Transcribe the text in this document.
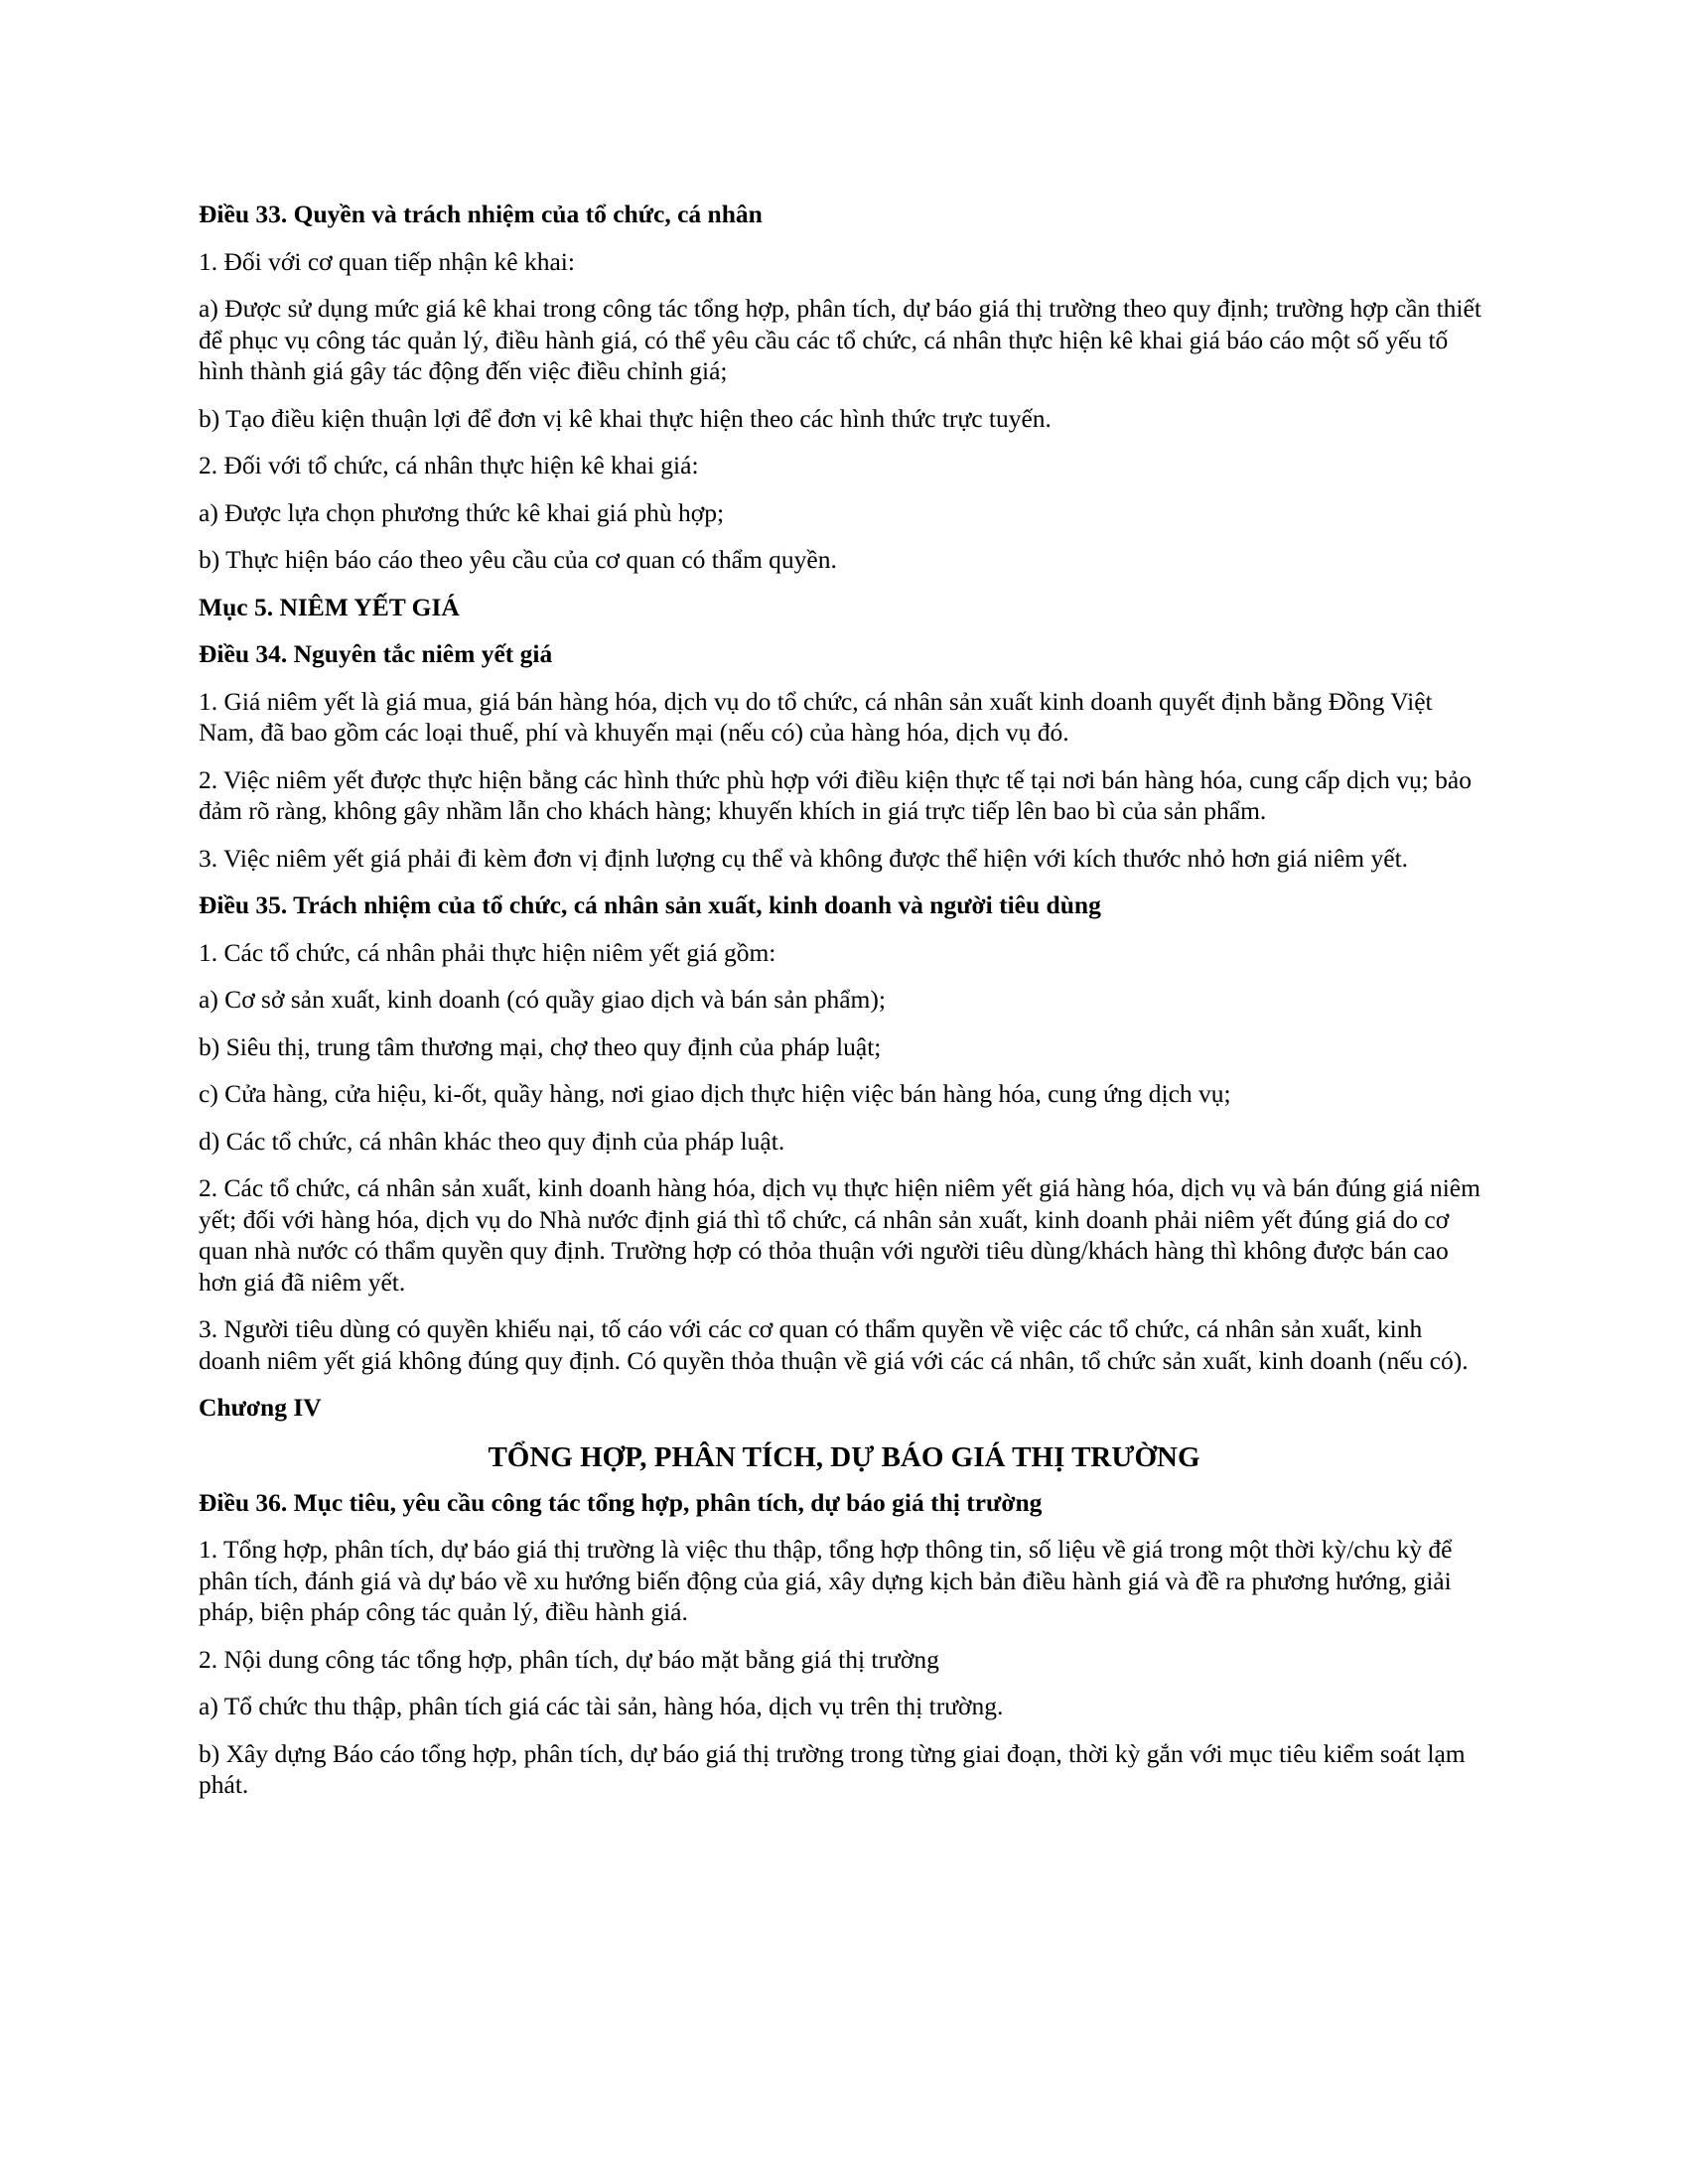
Điều 33. Quyền và trách nhiệm của tổ chức, cá nhân

1. Đối với cơ quan tiếp nhận kê khai:

a) Được sử dụng mức giá kê khai trong công tác tổng hợp, phân tích, dự báo giá thị trường theo quy định; trường hợp cần thiết để phục vụ công tác quản lý, điều hành giá, có thể yêu cầu các tổ chức, cá nhân thực hiện kê khai giá báo cáo một số yếu tố hình thành giá gây tác động đến việc điều chỉnh giá;

b) Tạo điều kiện thuận lợi để đơn vị kê khai thực hiện theo các hình thức trực tuyến.

2. Đối với tổ chức, cá nhân thực hiện kê khai giá:

a) Được lựa chọn phương thức kê khai giá phù hợp;

b) Thực hiện báo cáo theo yêu cầu của cơ quan có thẩm quyền.

Mục 5. NIÊM YẾT GIÁ

Điều 34. Nguyên tắc niêm yết giá

1. Giá niêm yết là giá mua, giá bán hàng hóa, dịch vụ do tổ chức, cá nhân sản xuất kinh doanh quyết định bằng Đồng Việt Nam, đã bao gồm các loại thuế, phí và khuyến mại (nếu có) của hàng hóa, dịch vụ đó.

2. Việc niêm yết được thực hiện bằng các hình thức phù hợp với điều kiện thực tế tại nơi bán hàng hóa, cung cấp dịch vụ; bảo đảm rõ ràng, không gây nhầm lẫn cho khách hàng; khuyến khích in giá trực tiếp lên bao bì của sản phẩm.

3. Việc niêm yết giá phải đi kèm đơn vị định lượng cụ thể và không được thể hiện với kích thước nhỏ hơn giá niêm yết.

Điều 35. Trách nhiệm của tổ chức, cá nhân sản xuất, kinh doanh và người tiêu dùng

1. Các tổ chức, cá nhân phải thực hiện niêm yết giá gồm:

a) Cơ sở sản xuất, kinh doanh (có quầy giao dịch và bán sản phẩm);

b) Siêu thị, trung tâm thương mại, chợ theo quy định của pháp luật;

c) Cửa hàng, cửa hiệu, ki-ốt, quầy hàng, nơi giao dịch thực hiện việc bán hàng hóa, cung ứng dịch vụ;

d) Các tổ chức, cá nhân khác theo quy định của pháp luật.

2. Các tổ chức, cá nhân sản xuất, kinh doanh hàng hóa, dịch vụ thực hiện niêm yết giá hàng hóa, dịch vụ và bán đúng giá niêm yết; đối với hàng hóa, dịch vụ do Nhà nước định giá thì tổ chức, cá nhân sản xuất, kinh doanh phải niêm yết đúng giá do cơ quan nhà nước có thẩm quyền quy định. Trường hợp có thỏa thuận với người tiêu dùng/khách hàng thì không được bán cao hơn giá đã niêm yết.

3. Người tiêu dùng có quyền khiếu nại, tố cáo với các cơ quan có thẩm quyền về việc các tổ chức, cá nhân sản xuất, kinh doanh niêm yết giá không đúng quy định. Có quyền thỏa thuận về giá với các cá nhân, tổ chức sản xuất, kinh doanh (nếu có).

Chương IV

TỔNG HỢP, PHÂN TÍCH, DỰ BÁO GIÁ THỊ TRƯỜNG

Điều 36. Mục tiêu, yêu cầu công tác tổng hợp, phân tích, dự báo giá thị trường

1. Tổng hợp, phân tích, dự báo giá thị trường là việc thu thập, tổng hợp thông tin, số liệu về giá trong một thời kỳ/chu kỳ để phân tích, đánh giá và dự báo về xu hướng biến động của giá, xây dựng kịch bản điều hành giá và đề ra phương hướng, giải pháp, biện pháp công tác quản lý, điều hành giá.

2. Nội dung công tác tổng hợp, phân tích, dự báo mặt bằng giá thị trường

a) Tổ chức thu thập, phân tích giá các tài sản, hàng hóa, dịch vụ trên thị trường.

b) Xây dựng Báo cáo tổng hợp, phân tích, dự báo giá thị trường trong từng giai đoạn, thời kỳ gắn với mục tiêu kiểm soát lạm phát.
